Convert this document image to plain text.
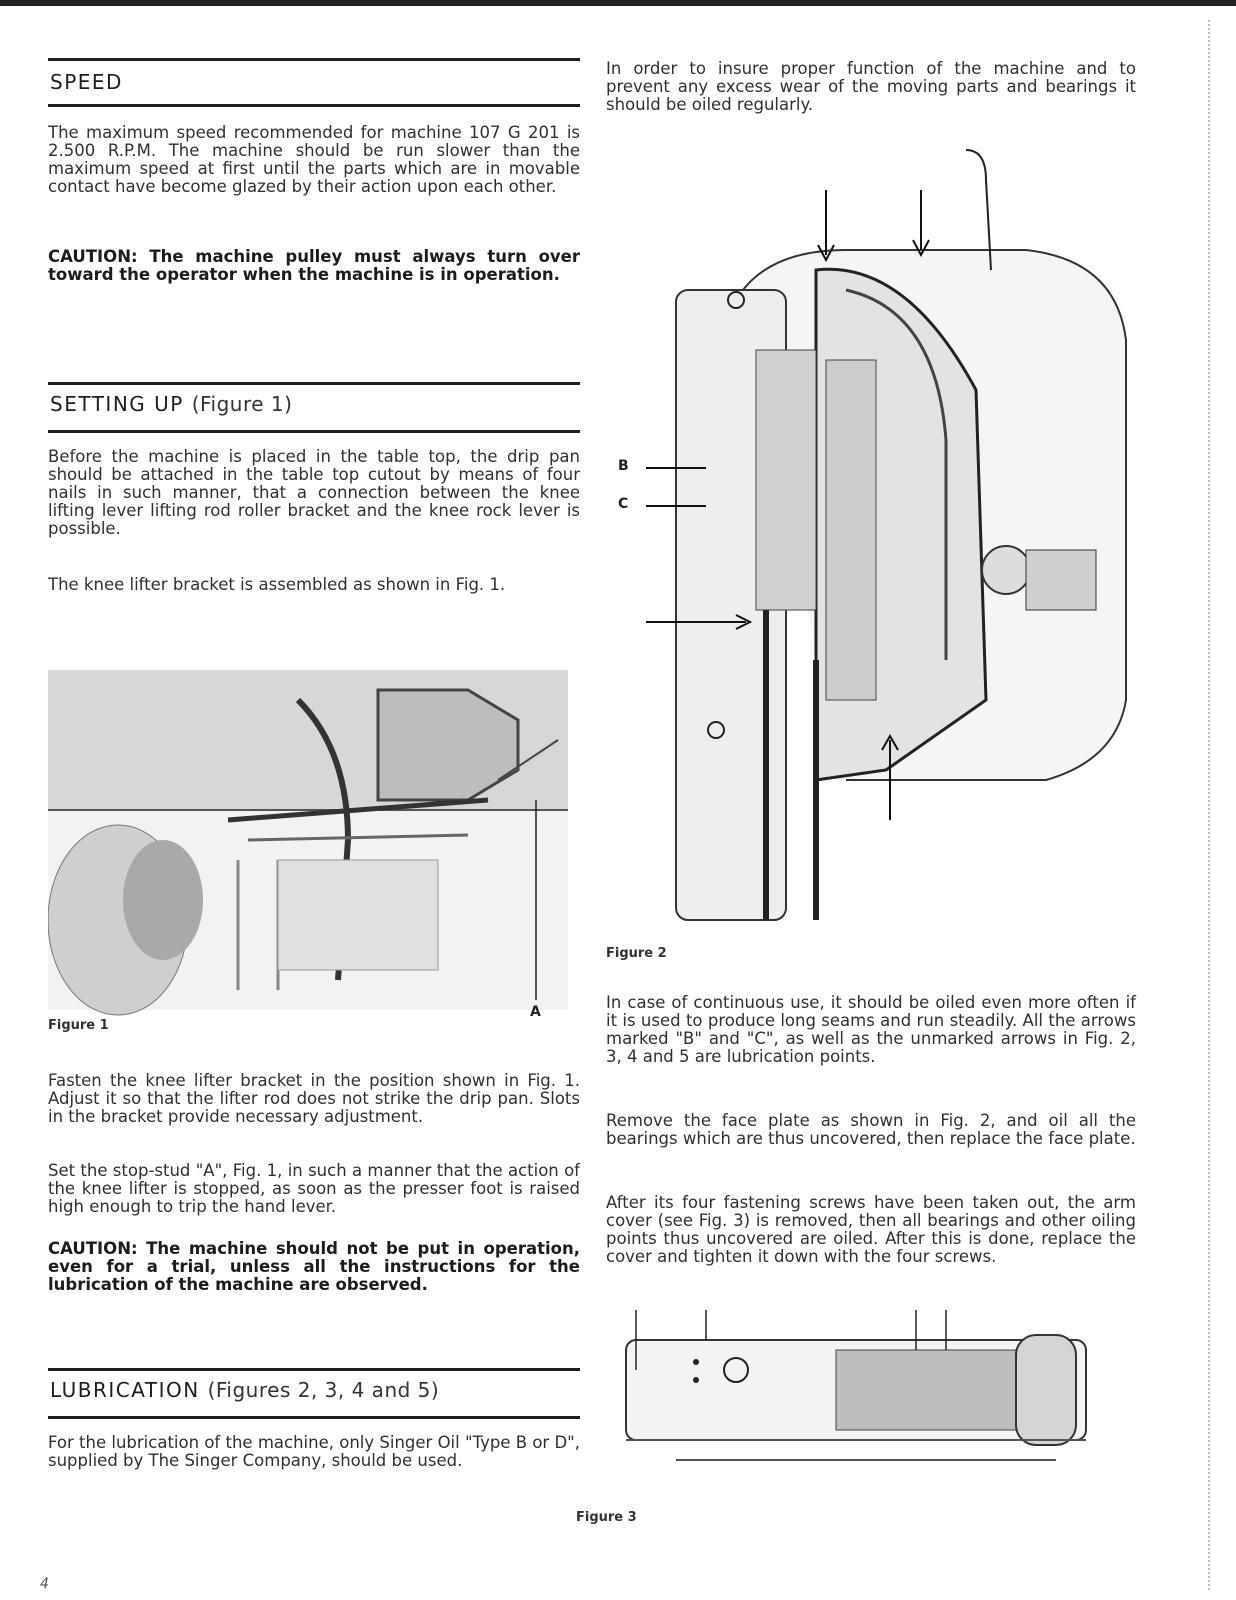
SPEED

The maximum speed recommended for machine 107 G 201 is 2.500 R.P.M. The machine should be run slower than the maximum speed at first until the parts which are in movable contact have become glazed by their action upon each other.

CAUTION: The machine pulley must always turn over toward the operator when the machine is in operation.

SETTING UP (Figure 1)

Before the machine is placed in the table top, the drip pan should be attached in the table top cutout by means of four nails in such manner, that a connection between the knee lifting lever lifting rod roller bracket and the knee rock lever is possible.

The knee lifter bracket is assembled as shown in Fig. 1.

Figure 1
A

Fasten the knee lifter bracket in the position shown in Fig. 1. Adjust it so that the lifter rod does not strike the drip pan. Slots in the bracket provide necessary adjustment.

Set the stop-stud "A", Fig. 1, in such a manner that the action of the knee lifter is stopped, as soon as the presser foot is raised high enough to trip the hand lever.

CAUTION: The machine should not be put in operation, even for a trial, unless all the instructions for the lubrication of the machine are observed.

LUBRICATION (Figures 2, 3, 4 and 5)

For the lubrication of the machine, only Singer Oil "Type B or D", supplied by The Singer Company, should be used.

In order to insure proper function of the machine and to prevent any excess wear of the moving parts and bearings it should be oiled regularly.

B
C
Figure 2

In case of continuous use, it should be oiled even more often if it is used to produce long seams and run steadily. All the arrows marked "B" and "C", as well as the unmarked arrows in Fig. 2, 3, 4 and 5 are lubrication points.

Remove the face plate as shown in Fig. 2, and oil all the bearings which are thus uncovered, then replace the face plate.

After its four fastening screws have been taken out, the arm cover (see Fig. 3) is removed, then all bearings and other oiling points thus uncovered are oiled. After this is done, replace the cover and tighten it down with the four screws.

Figure 3
4
